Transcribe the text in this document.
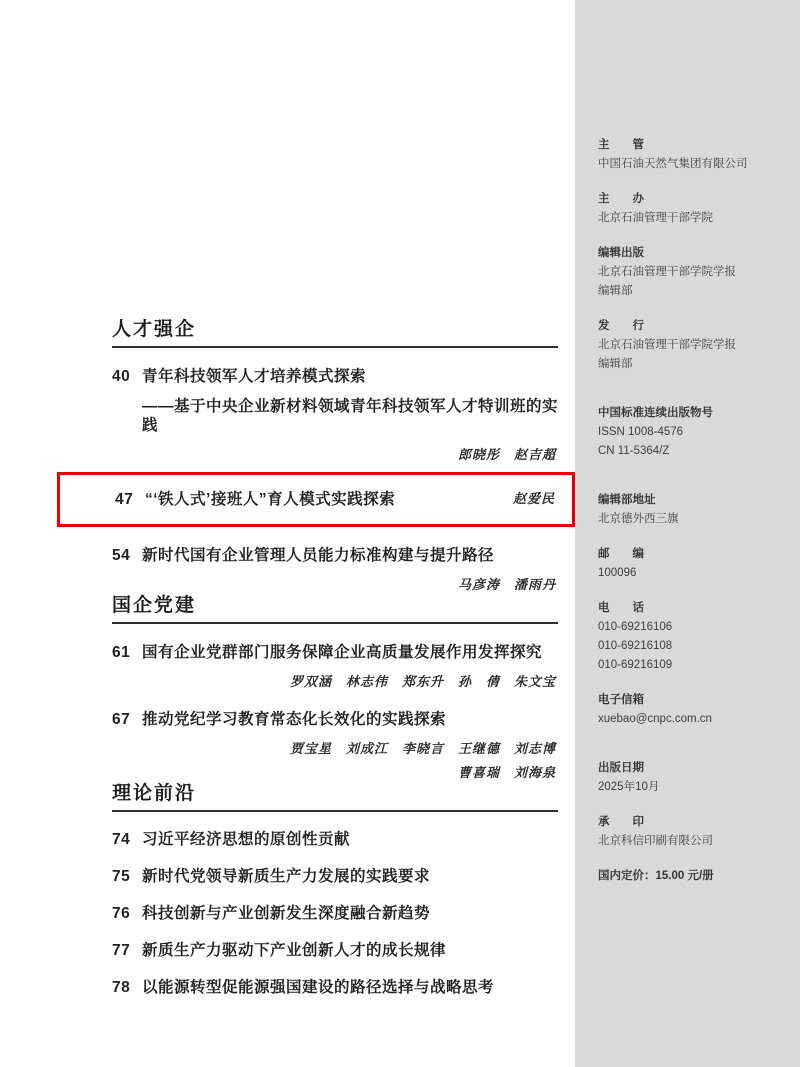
人才强企
40 青年科技领军人才培养模式探索
——基于中央企业新材料领域青年科技领军人才特训班的实践
郎晓彤　赵吉超
47 “‘铁人式’接班人”育人模式实践探索	赵爱民
54 新时代国有企业管理人员能力标准构建与提升路径
马彦涛　潘雨丹
国企党建
61 国有企业党群部门服务保障企业高质量发展作用发挥探究
罗双涵　林志伟　郑东升　孙　倩　朱文宝
67 推动党纪学习教育常态化长效化的实践探索
贾宝星　刘成江　李晓言　王继德　刘志博
曹喜瑞　刘海泉
理论前沿
74 习近平经济思想的原创性贡献
75 新时代党领导新质生产力发展的实践要求
76 科技创新与产业创新发生深度融合新趋势
77 新质生产力驱动下产业创新人才的成长规律
78 以能源转型促能源强国建设的路径选择与战略思考
主　　管
中国石油天然气集团有限公司
主　　办
北京石油管理干部学院
编辑出版
北京石油管理干部学院学报
编辑部
发　　行
北京石油管理干部学院学报
编辑部
中国标准连续出版物号
ISSN 1008-4576
CN 11-5364/Z
编辑部地址
北京德外西三旗
邮　　编
100096
电　　话
010-69216106
010-69216108
010-69216109
电子信箱
xuebao@cnpc.com.cn
出版日期
2025年10月
承　　印
北京科信印刷有限公司
国内定价：15.00 元/册
